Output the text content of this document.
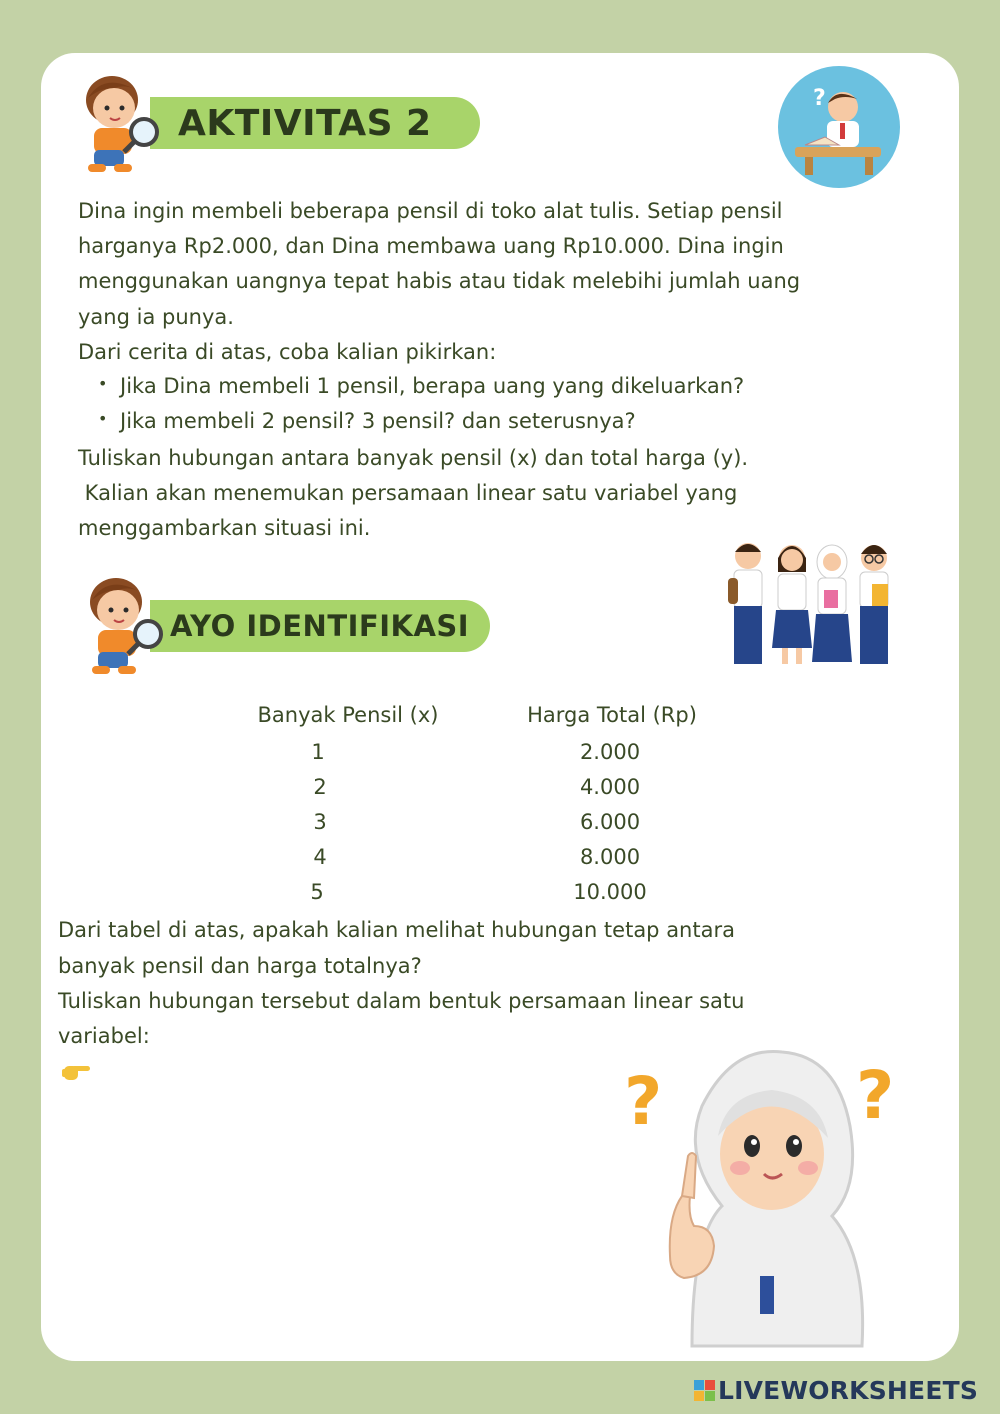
AKTIVITAS 2
?

Dina ingin membeli beberapa pensil di toko alat tulis. Setiap pensil

harganya Rp2.000, dan Dina membawa uang Rp10.000. Dina ingin

menggunakan uangnya tepat habis atau tidak melebihi jumlah uang

yang ia punya.

Dari cerita di atas, coba kalian pikirkan:

• Jika Dina membeli 1 pensil, berapa uang yang dikeluarkan?
• Jika membeli 2 pensil? 3 pensil? dan seterusnya?

Tuliskan hubungan antara banyak pensil (x) dan total harga (y).

Kalian akan menemukan persamaan linear satu variabel yang

menggambarkan situasi ini.

AYO IDENTIFIKASI
Banyak Pensil (x)	Harga Total (Rp)
1	2.000
2	4.000
3	6.000
4	8.000
5	10.000

Dari tabel di atas, apakah kalian melihat hubungan tetap antara

banyak pensil dan harga totalnya?

Tuliskan hubungan tersebut dalam bentuk persamaan linear satu

variabel:

?	?
LIVEWORKSHEETS
